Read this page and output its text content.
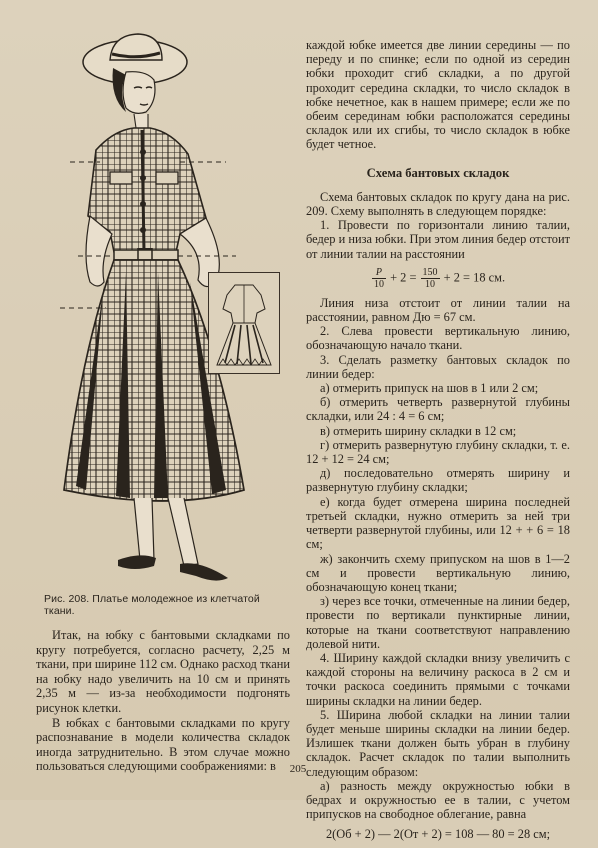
Рис. 208. Платье молодежное из клетчатой ткани.

Итак, на юбку с бантовыми складками по кругу потребуется, согласно расчету, 2,25 м ткани, при ширине 112 см. Однако расход ткани на юбку надо увеличить на 10 см и принять 2,35 м — из-за необходимости подгонять рисунок клетки.

В юбках с бантовыми складками по кругу распознавание в модели количества складок иногда затруднительно. В этом случае можно пользоваться следующими соображениями: в

каждой юбке имеется две линии середины — по переду и по спинке; если по одной из середин юбки проходит сгиб складки, а по другой проходит середина складки, то число складок в юбке нечетное, как в нашем примере; если же по обеим серединам юбки расположатся середины складок или их сгибы, то число складок в юбке будет четное.

Схема бантовых складок

Схема бантовых складок по кругу дана на рис. 209. Схему выполнять в следующем порядке:

1. Провести по горизонтали линию талии, бедер и низа юбки. При этом линия бедер отстоит от линии талии на расстоянии

$\frac{Р}{10} + 2 = \frac{150}{10} + 2 = 18$ см.

Линия низа отстоит от линии талии на расстоянии, равном Дю = 67 см.

2. Слева провести вертикальную линию, обозначающую начало ткани.

3. Сделать разметку бантовых складок по линии бедер:

а) отмерить припуск на шов в 1 или 2 см;

б) отмерить четверть развернутой глубины складки, или 24 : 4 = 6 см;

в) отмерить ширину складки в 12 см;

г) отмерить развернутую глубину складки, т. е. 12 + 12 = 24 см;

д) последовательно отмерять ширину и развернутую глубину складки;

е) когда будет отмерена ширина последней третьей складки, нужно отмерить за ней три четверти развернутой глубины, или 12 + + 6 = 18 см;

ж) закончить схему припуском на шов в 1—2 см и провести вертикальную линию, обозначающую конец ткани;

з) через все точки, отмеченные на линии бедер, провести по вертикали пунктирные линии, которые на ткани соответствуют направлению долевой нити.

4. Ширину каждой складки внизу увеличить с каждой стороны на величину раскоса в 2 см и точки раскоса соединить прямыми с точками ширины складки на линии бедер.

5. Ширина любой складки на линии талии будет меньше ширины складки на линии бедер. Излишек ткани должен быть убран в глубину складок. Расчет складок по талии выполнить следующим образом:

а) разность между окружностью юбки в бедрах и окружностью ее в талии, с учетом припусков на свободное облегание, равна

2(Об + 2) — 2(От + 2) = 108 — 80 = 28 см;

205
